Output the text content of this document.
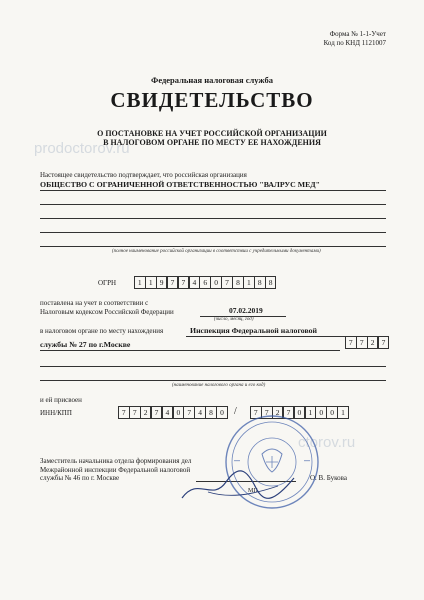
prodoctorov.ru
ctorov.ru
Форма № 1-1-Учет
Код по КНД 1121007
Федеральная налоговая служба
СВИДЕТЕЛЬСТВО
О ПОСТАНОВКЕ НА УЧЕТ РОССИЙСКОЙ ОРГАНИЗАЦИИ
В НАЛОГОВОМ ОРГАНЕ ПО МЕСТУ ЕЕ НАХОЖДЕНИЯ
Настоящее свидетельство подтверждает, что российская организация
ОБЩЕСТВО С ОГРАНИЧЕННОЙ ОТВЕТСТВЕННОСТЬЮ "ВАЛРУС МЕД"
(полное наименование российской организации в соответствии с учредительными документами)
ОГРН	1 1 9 7 7 4 6 0 7 8 1 8 8
поставлена на учет в соответствии с
Налоговым кодексом Российской Федерации	07.02.2019
(число, месяц, год)
в налоговом органе по месту нахождения	Инспекция Федеральной налоговой
службы № 27 по г.Москве	7 7 2 7
(наименование налогового органа и его код)
и ей присвоен
ИНН/КПП	7 7 2 7 4 0 7 4 8 0	/	7 7 2 7 0 1 0 0 1
Заместитель начальника отдела формирования дел
Межрайонной инспекции Федеральной налоговой
службы № 46 по г. Москве	О. В. Букова
МП
